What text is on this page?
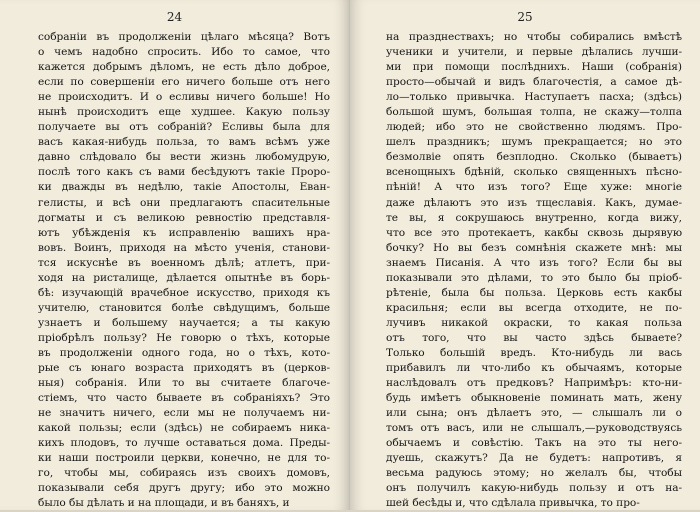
24
собраніи въ продолженіи цѣлаго мѣсяца? Вотъ
о чемъ надобно спросить. Ибо то самое, что
кажется добрымъ дѣломъ, не есть дѣло доброе,
если по совершеніи его ничего больше отъ него
не происходитъ. И о есливы ничего больше! Но
нынѣ происходитъ еще худшее. Какую пользу
получаете вы отъ собраній? Есливы была для
васъ какая-нибудь польза, то вамъ всѣмъ уже
давно слѣдовало бы вести жизнь любомудрую,
послѣ того какъ съ вами бесѣдуютъ такіе Проро-
ки дважды въ недѣлю, такіе Апостолы, Еван-
гелисты, и всѣ они предлагаютъ спасительные
догматы и съ великою ревностію представля-
ютъ убѣжденія къ исправленію вашихъ нра-
вовъ. Воинъ, приходя на мѣсто ученія, станови-
тся искуснѣе въ военномъ дѣлѣ; атлетъ, при-
ходя на ристалище, дѣлается опытнѣе въ борь-
бѣ: изучающій врачебное искусство, приходя къ
учителю, становится болѣе свѣдущимъ, больше
узнаетъ и большему научается; а ты какую
пріобрѣлъ пользу? Не говорю о тѣхъ, которые
въ продолженіи одного года, но о тѣхъ, кото-
рые съ юнаго возраста приходятъ въ (церков-
ныя) собранія. Или то вы считаете благоче-
стіемъ, что часто бываете въ собраніяхъ? Это
не значитъ ничего, если мы не получаемъ ни-
какой пользы; если (здѣсь) не собираемъ ника-
кихъ плодовъ, то лучше оставаться дома. Преды-
ки наши построили церкви, конечно, не для то-
го, чтобы мы, собираясь изъ своихъ домовъ,
показывали себя другъ другу; ибо это можно
было бы дѣлать и на площади, и въ баняхъ, и
25
на празднествахъ; но чтобы собирались вмѣстѣ
ученики и учители, и первые дѣлались лучши-
ми при помощи послѣднихъ. Наши (собранія)
просто—обычай и видъ благочестія, а самое дѣ-
ло—только привычка. Наступаетъ пасха; (здѣсь)
большой шумъ, большая толпа, не скажу—толпа
людей; ибо это не свойственно людямъ. Про-
шелъ праздникъ; шумъ прекращается; но это
безмолвіе опять безплодно. Сколько (бываетъ)
всенощныхъ бдѣній, сколько священныхъ пѣсно-
пѣній! А что изъ того? Еще хуже: многіе
даже дѣлаютъ это изъ тщеславія. Какъ, думае-
те вы, я сокрушаюсь внутренно, когда вижу,
что все это протекаетъ, какбы сквозь дырявую
бочку? Но вы безъ сомнѣнія скажете мнѣ: мы
знаемъ Писанія. А что изъ того? Если бы вы
показывали это дѣлами, то это было бы пріоб-
рѣтеніе, была бы польза. Церковь есть какбы
красильня; если вы всегда отходите, не по-
лучивъ никакой окраски, то какая польза
отъ того, что вы часто здѣсь бываете?
Только большій вредъ. Кто-нибудь ли вась
прибавилъ ли что-либо къ обычаямъ, которые
наслѣдовалъ отъ предковъ? Напримѣръ: кто-ни-
будь имѣетъ обыкновеніе поминать мать, жену
или сына; онъ дѣлаетъ это, — слышалъ ли о
томъ отъ васъ, или не слышалъ,—руководствуясь
обычаемъ и совѣстію. Такъ на это ты него-
дуешь, скажутъ? Да не будетъ: напротивъ, я
весьма радуюсь этому; но желалъ бы, чтобы
онъ получилъ какую-нибудь пользу и отъ на-
шей бесѣды и, что сдѣлала привычка, то про-
